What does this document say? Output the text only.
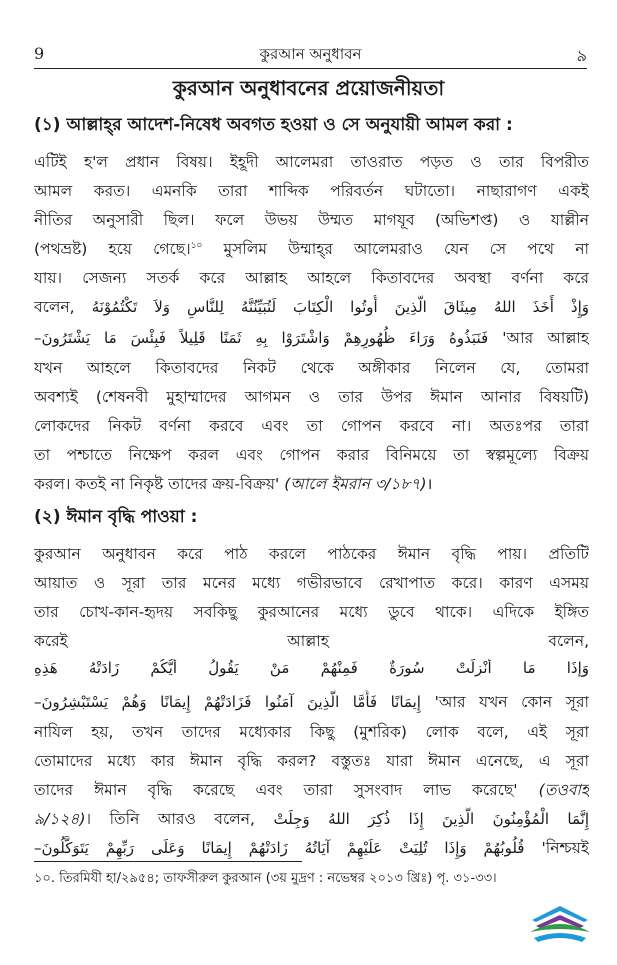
9	কুরআন অনুধাবন	৯
কুরআন অনুধাবনের প্রয়োজনীয়তা
(১) আল্লাহ্‌র আদেশ-নিষেধ অবগত হওয়া ও সে অনুযায়ী আমল করা :
এটিই হ'ল প্রধান বিষয়। ইহূদী আলেমরা তাওরাত পড়ত ও তার বিপরীত
আমল করত। এমনকি তারা শাব্দিক পরিবর্তন ঘটাতো। নাছারাগণ একই
নীতির অনুসারী ছিল। ফলে উভয় উম্মত মাগযূব (অভিশপ্ত) ও যাল্লীন
(পথভ্রষ্ট) হয়ে গেছে।$^{১০}$ মুসলিম উম্মাহ্‌র আলেমরাও যেন সে পথে না
যায়। সেজন্য সতর্ক করে আল্লাহ আহলে কিতাবদের অবস্থা বর্ণনা করে
বলেন, وَإِذْ أَخَذَ اللهُ مِيثَاقَ الَّذِينَ أُوتُوا الْكِتَابَ لَتُبَيِّنُنَّهُ لِلنَّاسِ وَلاَ تَكْتُمُوْنَهُ
فَنَبَذُوهُ وَرَاءَ ظُهُورِهِمْ وَاشْتَرَوْا بِهِ ثَمَنًا قَلِيلاً فَبِئْسَ مَا يَشْتَرُونَ– 'আর আল্লাহ
যখন আহলে কিতাবদের নিকট থেকে অঙ্গীকার নিলেন যে, তোমরা
অবশ্যই (শেষনবী মুহাম্মাদের আগমন ও তার উপর ঈমান আনার বিষয়টি)
লোকদের নিকট বর্ণনা করবে এবং তা গোপন করবে না। অতঃপর তারা
তা পশ্চাতে নিক্ষেপ করল এবং গোপন করার বিনিময়ে তা স্বল্পমূল্যে বিক্রয়
করল। কতই না নিকৃষ্ট তাদের ক্রয়-বিক্রয়' (আলে ইমরান ৩/১৮৭)।
(২) ঈমান বৃদ্ধি পাওয়া :
কুরআন অনুধাবন করে পাঠ করলে পাঠকের ঈমান বৃদ্ধি পায়। প্রতিটি
আয়াত ও সূরা তার মনের মধ্যে গভীরভাবে রেখাপাত করে। কারণ এসময়
তার চোখ-কান-হৃদয় সবকিছু কুরআনের মধ্যে ডুবে থাকে। এদিকে ইঙ্গিত
করেই আল্লাহ বলেন,
وَإِذَا مَا أُنْزِلَتْ سُورَةٌ فَمِنْهُمْ مَنْ يَقُولُ أَيُّكُمْ زَادَتْهُ هَذِهِ
إِيمَانًا فَأَمَّا الَّذِينَ آمَنُوا فَزَادَتْهُمْ إِيمَانًا وَهُمْ يَسْتَبْشِرُونَ– 'আর যখন কোন সূরা
নাযিল হয়, তখন তাদের মধ্যেকার কিছু (মুশরিক) লোক বলে, এই সূরা
তোমাদের মধ্যে কার ঈমান বৃদ্ধি করল? বস্তুতঃ যারা ঈমান এনেছে, এ সূরা
তাদের ঈমান বৃদ্ধি করেছে এবং তারা সুসংবাদ লাভ করেছে' (তওবাহ
৯/১২৪)। তিনি আরও বলেন, إِنَّمَا الْمُؤْمِنُونَ الَّذِينَ إِذَا ذُكِرَ اللهُ وَجِلَتْ
قُلُوبُهُمْ وَإِذَا تُلِيَتْ عَلَيْهِمْ آيَاتُهُ زَادَتْهُمْ إِيمَانًا وَعَلَى رَبِّهِمْ يَتَوَكَّلُونَ– 'নিশ্চয়ই
১০. তিরমিযী হা/২৯৫৪; তাফসীরুল কুরআন (৩য় মুদ্রণ : নভেম্বর ২০১৩ খ্রিঃ) পৃ. ৩১-৩৩।
